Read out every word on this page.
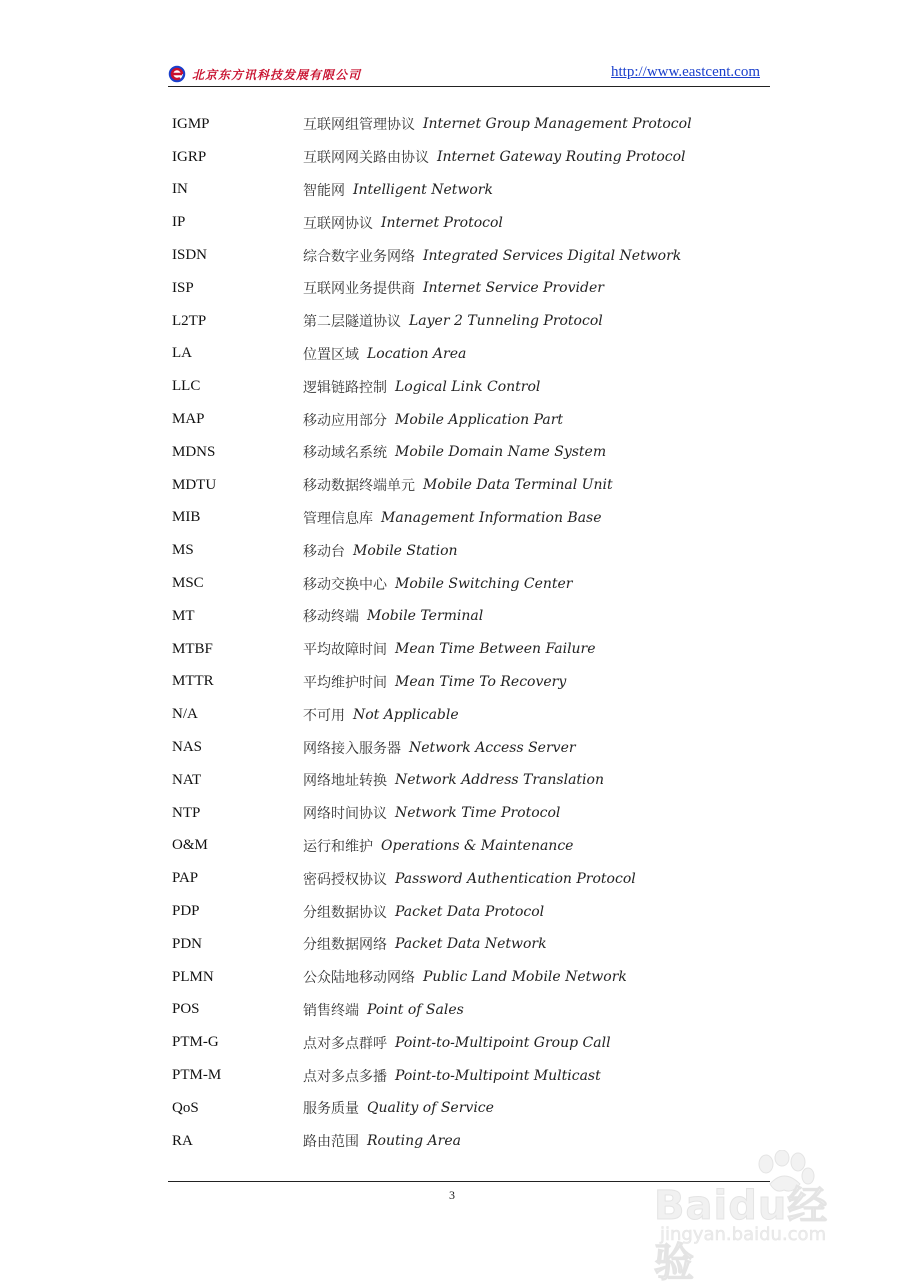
北京东方讯科技发展有限公司	http://www.eastcent.com
IGMP	互联网组管理协议 Internet Group Management Protocol
IGRP	互联网网关路由协议 Internet Gateway Routing Protocol
IN	智能网 Intelligent Network
IP	互联网协议 Internet Protocol
ISDN	综合数字业务网络 Integrated Services Digital Network
ISP	互联网业务提供商 Internet Service Provider
L2TP	第二层隧道协议 Layer 2 Tunneling Protocol
LA	位置区域 Location Area
LLC	逻辑链路控制 Logical Link Control
MAP	移动应用部分 Mobile Application Part
MDNS	移动域名系统 Mobile Domain Name System
MDTU	移动数据终端单元 Mobile Data Terminal Unit
MIB	管理信息库 Management Information Base
MS	移动台 Mobile Station
MSC	移动交换中心 Mobile Switching Center
MT	移动终端 Mobile Terminal
MTBF	平均故障时间 Mean Time Between Failure
MTTR	平均维护时间 Mean Time To Recovery
N/A	不可用 Not Applicable
NAS	网络接入服务器 Network Access Server
NAT	网络地址转换 Network Address Translation
NTP	网络时间协议 Network Time Protocol
O&M	运行和维护 Operations & Maintenance
PAP	密码授权协议 Password Authentication Protocol
PDP	分组数据协议 Packet Data Protocol
PDN	分组数据网络 Packet Data Network
PLMN	公众陆地移动网络 Public Land Mobile Network
POS	销售终端 Point of Sales
PTM-G	点对多点群呼 Point-to-Multipoint Group Call
PTM-M	点对多点多播 Point-to-Multipoint Multicast
QoS	服务质量 Quality of Service
RA	路由范围 Routing Area
3	Baidu经验
jingyan.baidu.com
